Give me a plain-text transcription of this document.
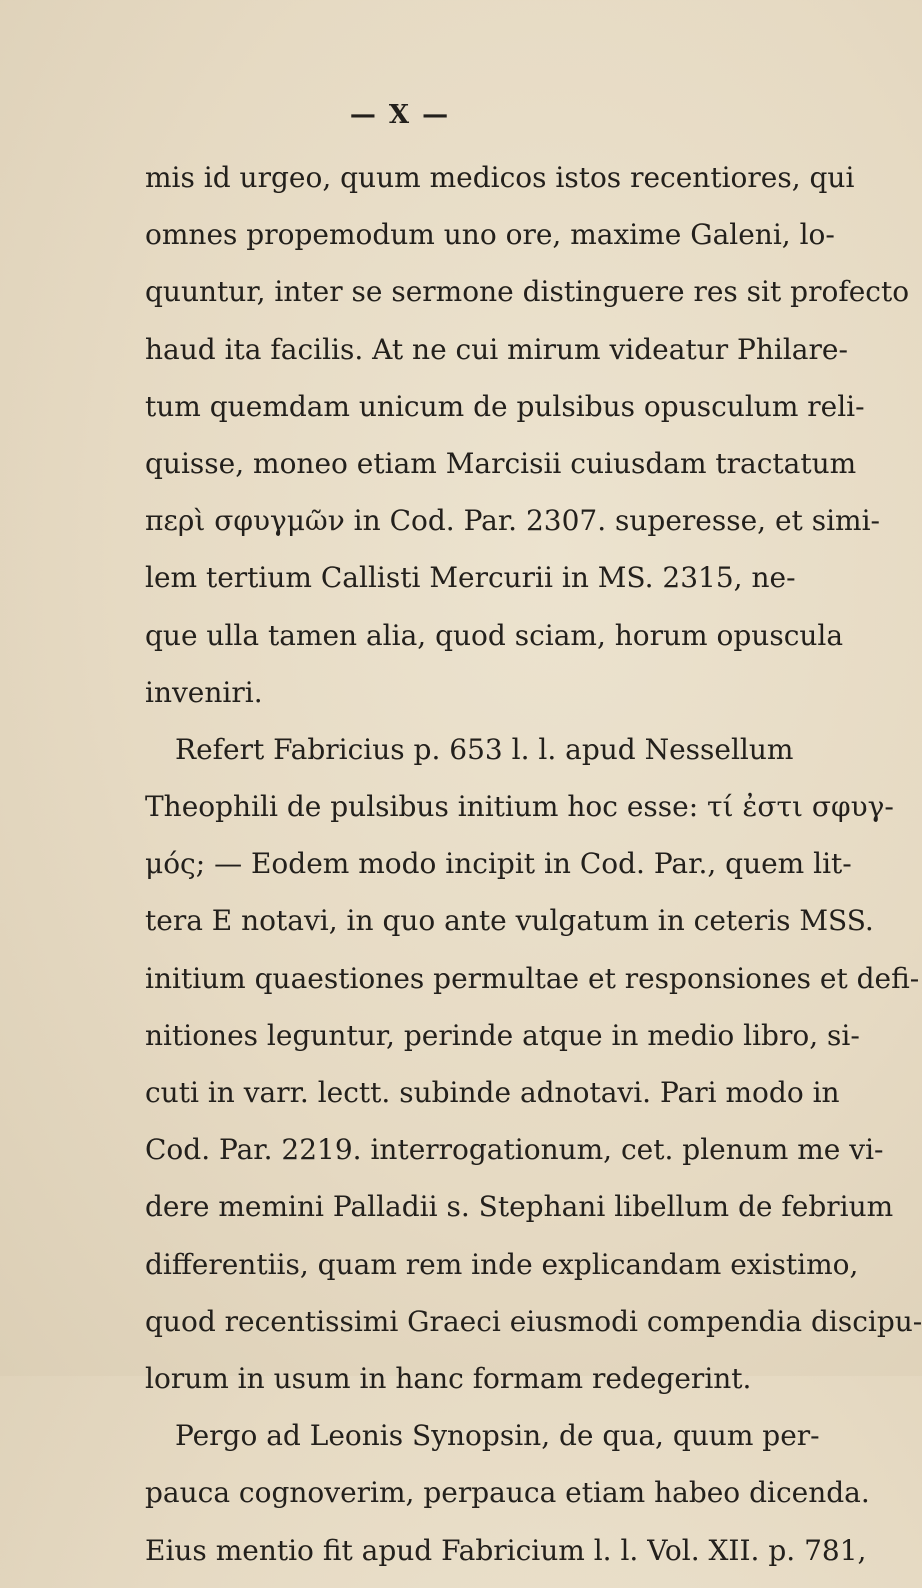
— X —
mis id urgeo, quum medicos istos recentiores, qui
omnes propemodum uno ore, maxime Galeni, lo-
quuntur, inter se sermone distinguere res sit profecto
haud ita facilis. At ne cui mirum videatur Philare-
tum quemdam unicum de pulsibus opusculum reli-
quisse, moneo etiam Marcisii cuiusdam tractatum
περὶ σφυγμῶν in Cod. Par. 2307. superesse, et simi-
lem tertium Callisti Mercurii in MS. 2315, ne-
que ulla tamen alia, quod sciam, horum opuscula
inveniri.
Refert Fabricius p. 653 l. l. apud Nessellum
Theophili de pulsibus initium hoc esse: τί ἐστι σφυγ-
μός; — Eodem modo incipit in Cod. Par., quem lit-
tera E notavi, in quo ante vulgatum in ceteris MSS.
initium quaestiones permultae et responsiones et defi-
nitiones leguntur, perinde atque in medio libro, si-
cuti in varr. lectt. subinde adnotavi. Pari modo in
Cod. Par. 2219. interrogationum, cet. plenum me vi-
dere memini Palladii s. Stephani libellum de febrium
differentiis, quam rem inde explicandam existimo,
quod recentissimi Graeci eiusmodi compendia discipu-
lorum in usum in hanc formam redegerint.
Pergo ad Leonis Synopsin, de qua, quum per-
pauca cognoverim, perpauca etiam habeo dicenda.
Eius mentio fit apud Fabricium l. l. Vol. XII. p. 781,
